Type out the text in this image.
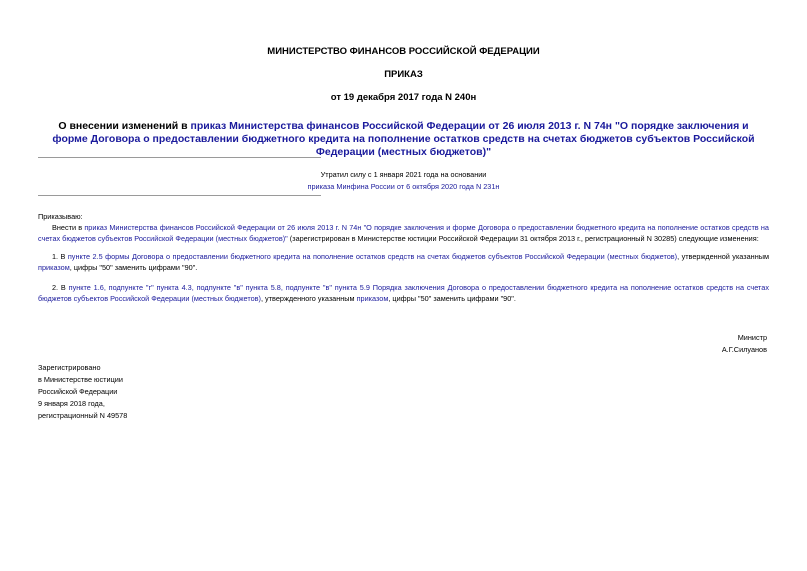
МИНИСТЕРСТВО ФИНАНСОВ РОССИЙСКОЙ ФЕДЕРАЦИИ
ПРИКАЗ
от 19 декабря 2017 года N 240н
О внесении изменений в приказ Министерства финансов Российской Федерации от 26 июля 2013 г. N 74н "О порядке заключения и форме Договора о предоставлении бюджетного кредита на пополнение остатков средств на счетах бюджетов субъектов Российской Федерации (местных бюджетов)"
Утратил силу с 1 января 2021 года на основании
приказа Минфина России от 6 октября 2020 года N 231н
Приказываю:
Внести в приказ Министерства финансов Российской Федерации от 26 июля 2013 г. N 74н "О порядке заключения и форме Договора о предоставлении бюджетного кредита на пополнение остатков средств на счетах бюджетов субъектов Российской Федерации (местных бюджетов)" (зарегистрирован в Министерстве юстиции Российской Федерации 31 октября 2013 г., регистрационный N 30285) следующие изменения:
1. В пункте 2.5 формы Договора о предоставлении бюджетного кредита на пополнение остатков средств на счетах бюджетов субъектов Российской Федерации (местных бюджетов), утвержденной указанным приказом, цифры "50" заменить цифрами "90".
2. В пункте 1.6, подпункте "г" пункта 4.3, подпункте "в" пункта 5.8, подпункте "в" пункта 5.9 Порядка заключения Договора о предоставлении бюджетного кредита на пополнение остатков средств на счетах бюджетов субъектов Российской Федерации (местных бюджетов), утвержденного указанным приказом, цифры "50" заменить цифрами "90".
Министр
А.Г.Силуанов
Зарегистрировано
в Министерстве юстиции
Российской Федерации
9 января 2018 года,
регистрационный N 49578
